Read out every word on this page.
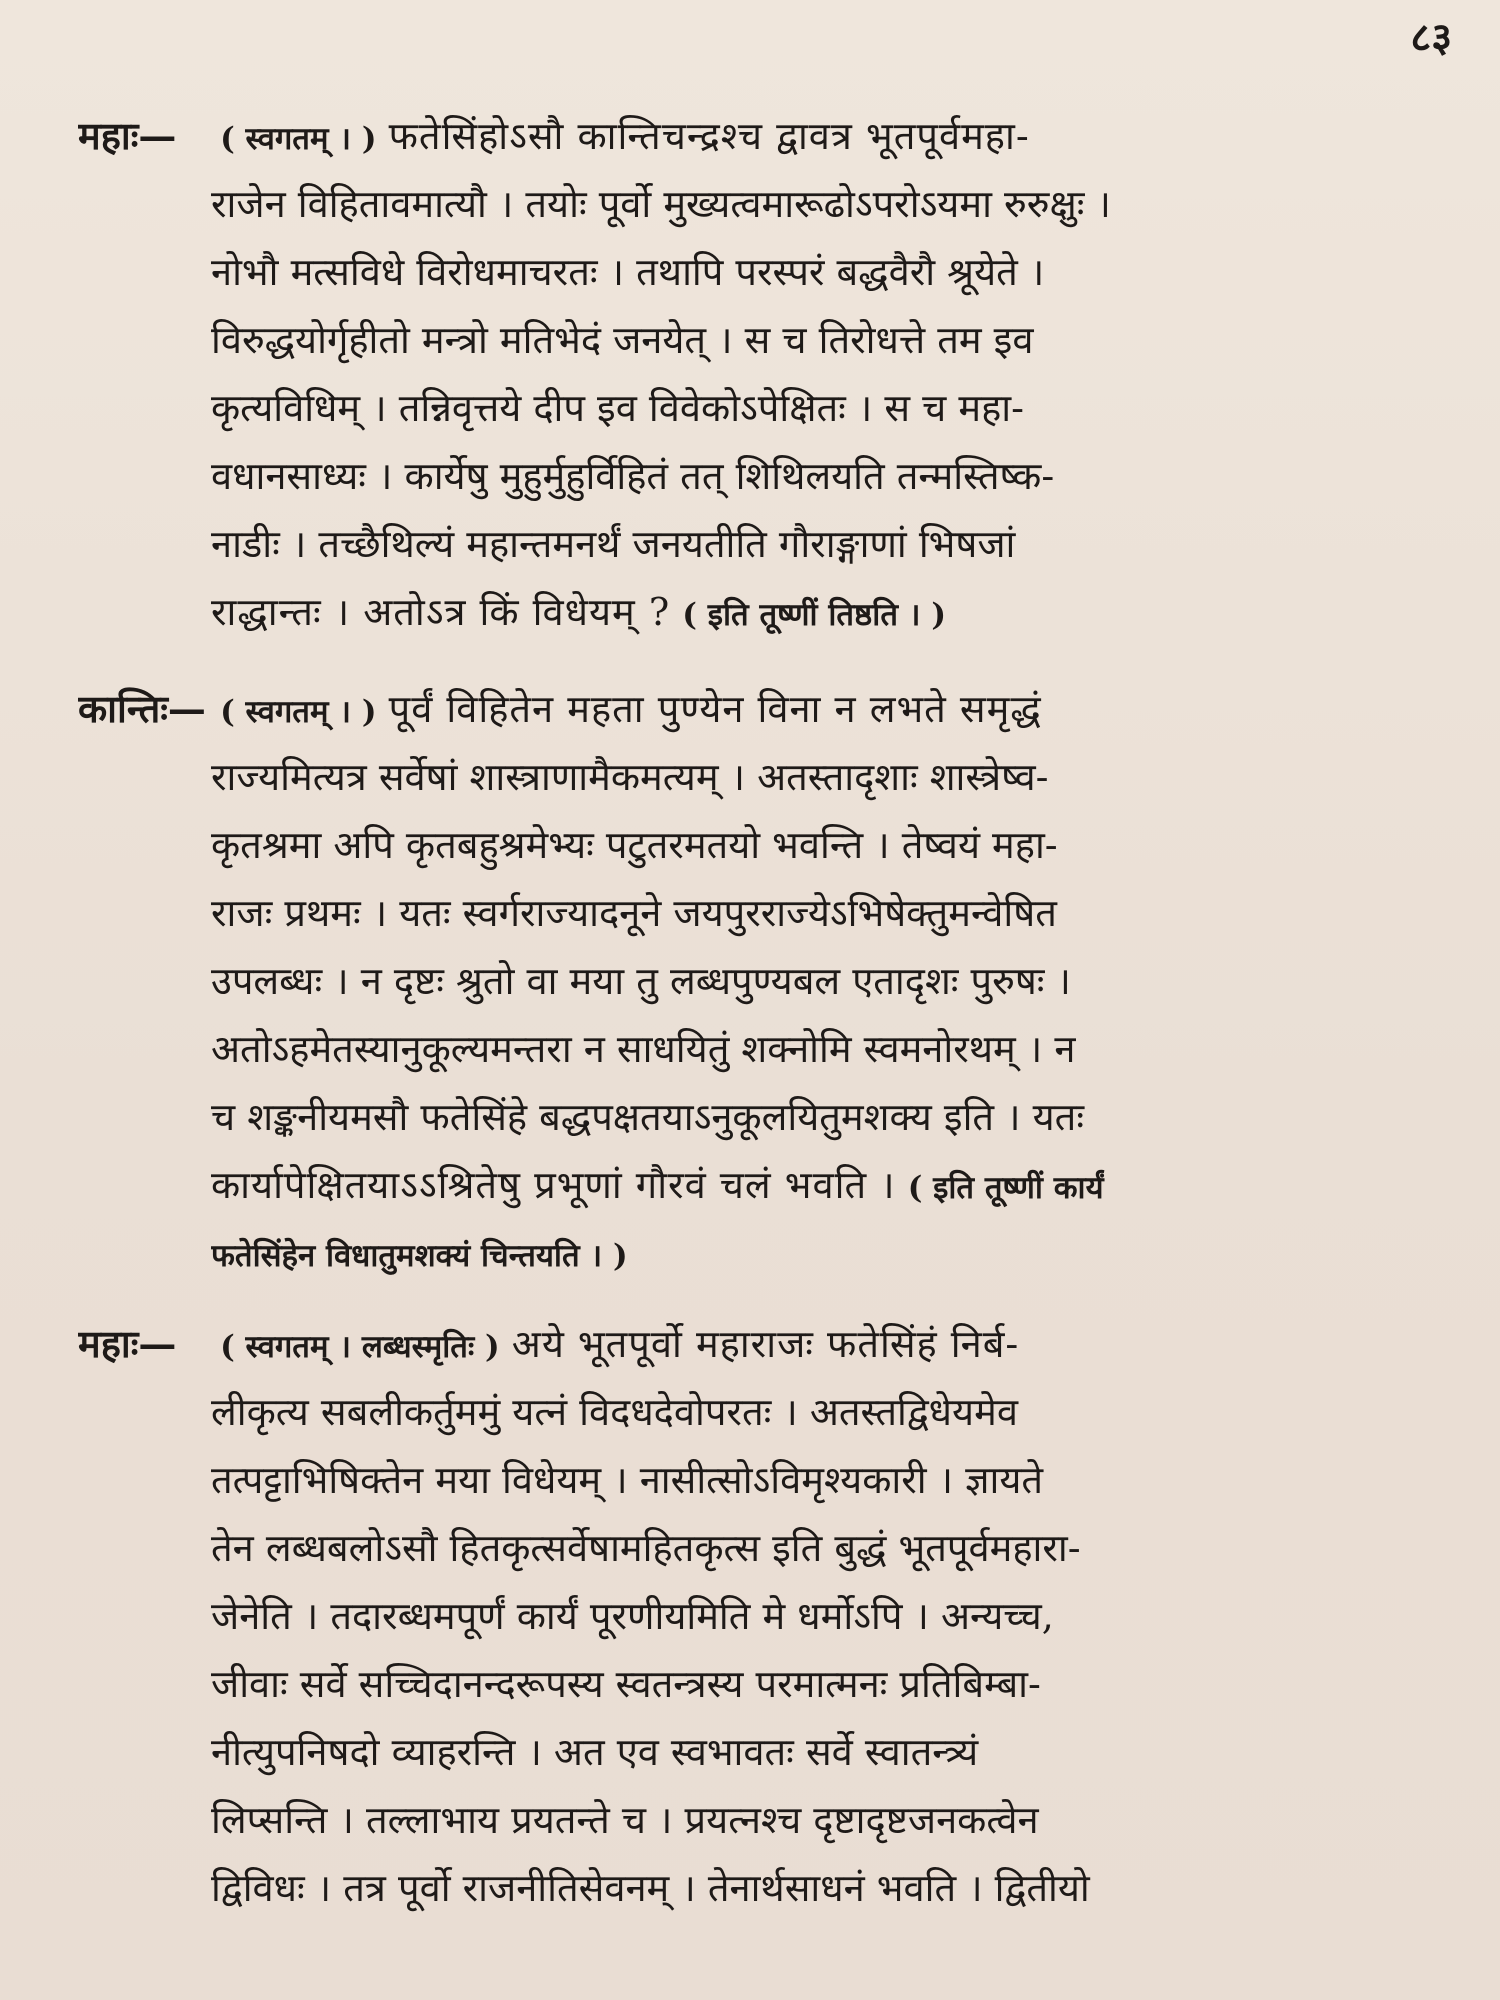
८३
महाः— ( स्वगतम् । ) फतेसिंहोऽसौ कान्तिचन्द्रश्च द्वावत्र भूतपूर्वमहा-
राजेन विहितावमात्यौ । तयोः पूर्वो मुख्यत्वमारूढोऽपरोऽयमा रुरुक्षुः ।
नोभौ मत्सविधे विरोधमाचरतः । तथापि परस्परं बद्धवैरौ श्रूयेते ।
विरुद्धयोर्गृहीतो मन्त्रो मतिभेदं जनयेत् । स च तिरोधत्ते तम इव
कृत्यविधिम् । तन्निवृत्तये दीप इव विवेकोऽपेक्षितः । स च महा-
वधानसाध्यः । कार्येषु मुहुर्मुहुर्विहितं तत् शिथिलयति तन्मस्तिष्क-
नाडीः । तच्छैथिल्यं महान्तमनर्थं जनयतीति गौराङ्गाणां भिषजां
राद्धान्तः । अतोऽत्र किं विधेयम् ? ( इति तूष्णीं तिष्ठति । )
कान्तिः— ( स्वगतम् । ) पूर्वं विहितेन महता पुण्येन विना न लभते समृद्धं
राज्यमित्यत्र सर्वेषां शास्त्राणामैकमत्यम् । अतस्तादृशाः शास्त्रेष्व-
कृतश्रमा अपि कृतबहुश्रमेभ्यः पटुतरमतयो भवन्ति । तेष्वयं महा-
राजः प्रथमः । यतः स्वर्गराज्यादनूने जयपुरराज्येऽभिषेक्तुमन्वेषित
उपलब्धः । न दृष्टः श्रुतो वा मया तु लब्धपुण्यबल एतादृशः पुरुषः ।
अतोऽहमेतस्यानुकूल्यमन्तरा न साधयितुं शक्नोमि स्वमनोरथम् । न
च शङ्कनीयमसौ फतेसिंहे बद्धपक्षतयाऽनुकूलयितुमशक्य इति । यतः
कार्यापेक्षितयाऽऽश्रितेषु प्रभूणां गौरवं चलं भवति । ( इति तूष्णीं कार्यं
फतेसिंहेन विधातुमशक्यं चिन्तयति । )
महाः— ( स्वगतम् । लब्धस्मृतिः ) अये भूतपूर्वो महाराजः फतेसिंहं निर्ब-
लीकृत्य सबलीकर्तुममुं यत्नं विदधदेवोपरतः । अतस्तद्विधेयमेव
तत्पट्टाभिषिक्तेन मया विधेयम् । नासीत्सोऽविमृश्यकारी । ज्ञायते
तेन लब्धबलोऽसौ हितकृत्सर्वेषामहितकृत्स इति बुद्धं भूतपूर्वमहारा-
जेनेति । तदारब्धमपूर्णं कार्यं पूरणीयमिति मे धर्मोऽपि । अन्यच्च,
जीवाः सर्वे सच्चिदानन्दरूपस्य स्वतन्त्रस्य परमात्मनः प्रतिबिम्बा-
नीत्युपनिषदो व्याहरन्ति । अत एव स्वभावतः सर्वे स्वातन्त्र्यं
लिप्सन्ति । तल्लाभाय प्रयतन्ते च । प्रयत्नश्च दृष्टादृष्टजनकत्वेन
द्विविधः । तत्र पूर्वो राजनीतिसेवनम् । तेनार्थसाधनं भवति । द्वितीयो
